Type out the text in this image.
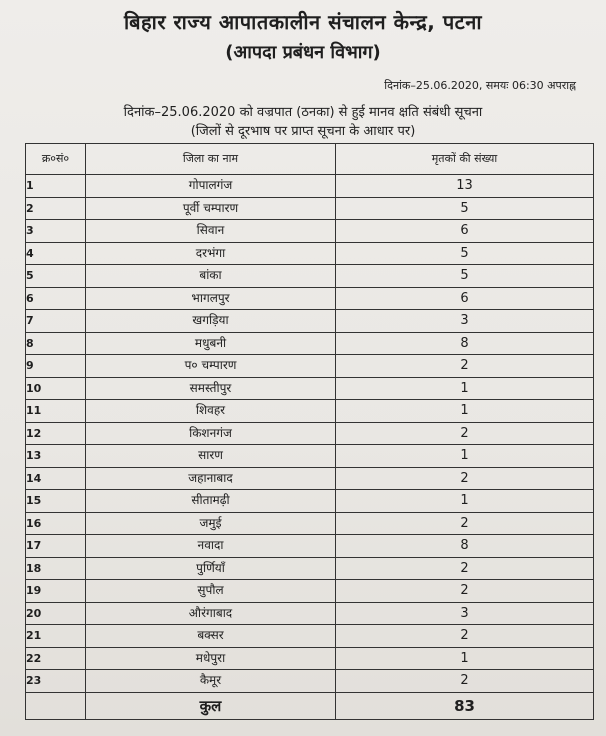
बिहार राज्य आपातकालीन संचालन केन्द्र, पटना
(आपदा प्रबंधन विभाग)
दिनांक–25.06.2020, समयः 06:30 अपराह्न
दिनांक–25.06.2020 को वज्रपात (ठनका) से हुई मानव क्षति संबंधी सूचना
(जिलों से दूरभाष पर प्राप्त सूचना के आधार पर)
क्र०सं०	जिला का नाम	मृतकों की संख्या
1	गोपालगंज	13
2	पूर्वी चम्पारण	5
3	सिवान	6
4	दरभंगा	5
5	बांका	5
6	भागलपुर	6
7	खगड़िया	3
8	मधुबनी	8
9	प० चम्पारण	2
10	समस्तीपुर	1
11	शिवहर	1
12	किशनगंज	2
13	सारण	1
14	जहानाबाद	2
15	सीतामढ़ी	1
16	जमुई	2
17	नवादा	8
18	पुर्णियाँ	2
19	सुपौल	2
20	औरंगाबाद	3
21	बक्सर	2
22	मधेपुरा	1
23	कैमूर	2
	कुल	83
